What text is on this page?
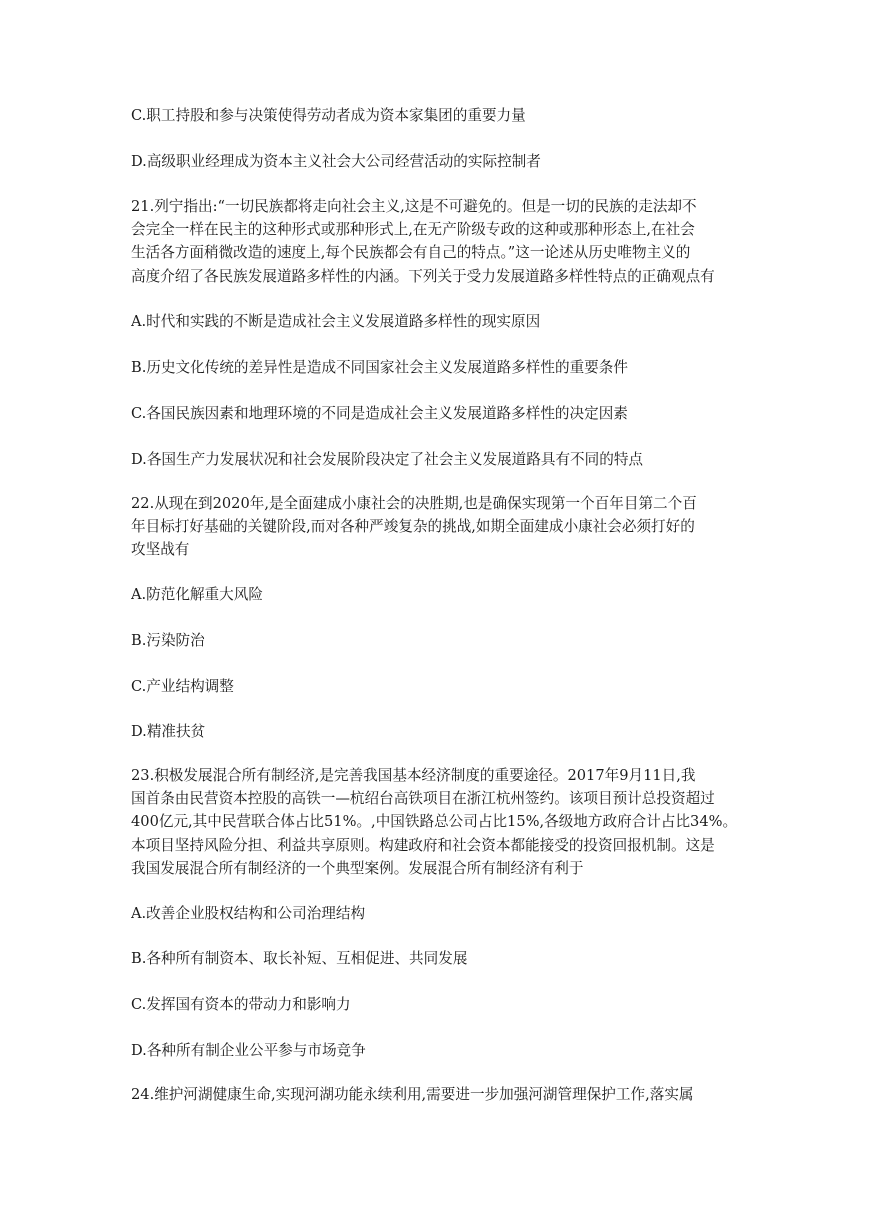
C.职工持股和参与决策使得劳动者成为资本家集团的重要力量
D.高级职业经理成为资本主义社会大公司经营活动的实际控制者
21.列宁指出:“一切民族都将走向社会主义,这是不可避免的。但是一切的民族的走法却不
会完全一样在民主的这种形式或那种形式上,在无产阶级专政的这种或那种形态上,在社会
生活各方面稍微改造的速度上,每个民族都会有自己的特点。”这一论述从历史唯物主义的
高度介绍了各民族发展道路多样性的内涵。下列关于受力发展道路多样性特点的正确观点有
A.时代和实践的不断是造成社会主义发展道路多样性的现实原因
B.历史文化传统的差异性是造成不同国家社会主义发展道路多样性的重要条件
C.各国民族因素和地理环境的不同是造成社会主义发展道路多样性的决定因素
D.各国生产力发展状况和社会发展阶段决定了社会主义发展道路具有不同的特点
22.从现在到2020年,是全面建成小康社会的决胜期,也是确保实现第一个百年目第二个百
年目标打好基础的关键阶段,而对各种严竣复杂的挑战,如期全面建成小康社会必须打好的
攻坚战有
A.防范化解重大风险
B.污染防治
C.产业结构调整
D.精准扶贫
23.积极发展混合所有制经济,是完善我国基本经济制度的重要途径。2017年9月11日,我
国首条由民营资本控股的高铁一—杭绍台高铁项目在浙江杭州签约。该项目预计总投资超过
400亿元,其中民营联合体占比51%。,中国铁路总公司占比15%,各级地方政府合计占比34%。
本项目坚持风险分担、利益共享原则。构建政府和社会资本都能接受的投资回报机制。这是
我国发展混合所有制经济的一个典型案例。发展混合所有制经济有利于
A.改善企业股权结构和公司治理结构
B.各种所有制资本、取长补短、互相促进、共同发展
C.发挥国有资本的带动力和影响力
D.各种所有制企业公平参与市场竞争
24.维护河湖健康生命,实现河湖功能永续利用,需要进一步加强河湖管理保护工作,落实属
